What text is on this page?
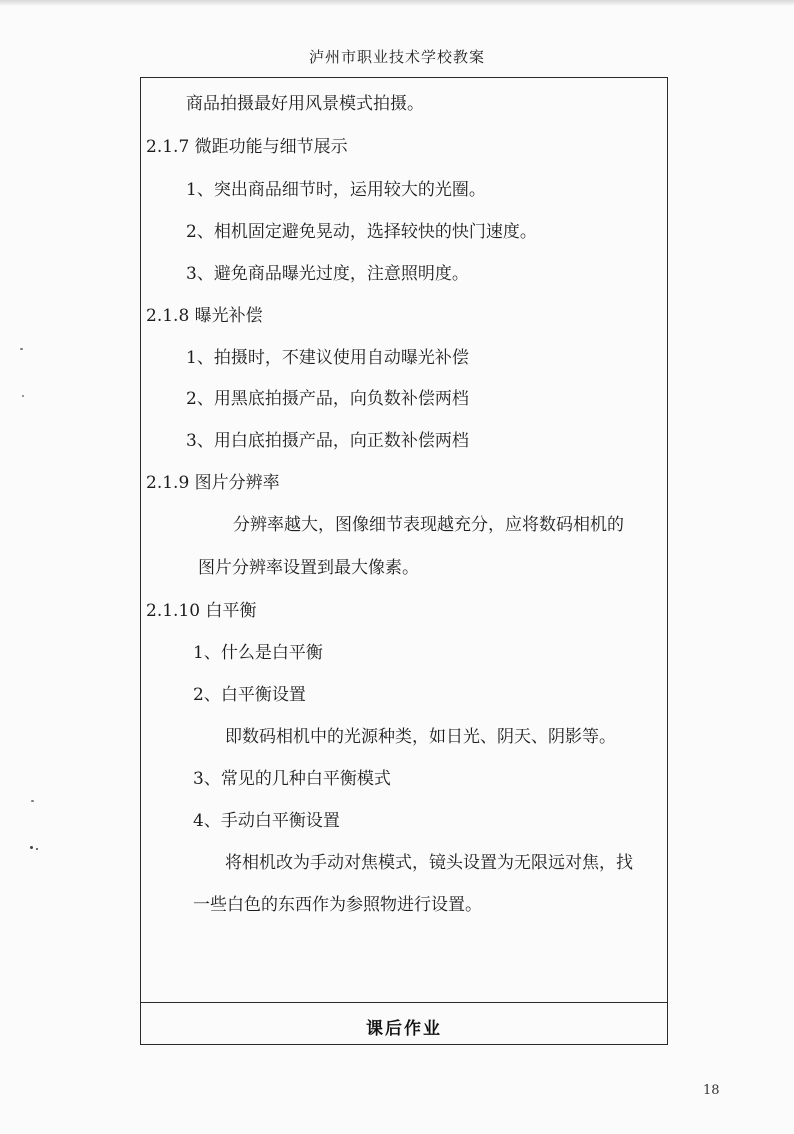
泸州市职业技术学校教案
商品拍摄最好用风景模式拍摄。
2.1.7 微距功能与细节展示
1、突出商品细节时，运用较大的光圈。
2、相机固定避免晃动，选择较快的快门速度。
3、避免商品曝光过度，注意照明度。
2.1.8 曝光补偿
1、拍摄时，不建议使用自动曝光补偿
2、用黑底拍摄产品，向负数补偿两档
3、用白底拍摄产品，向正数补偿两档
2.1.9 图片分辨率
分辨率越大，图像细节表现越充分，应将数码相机的
图片分辨率设置到最大像素。
2.1.10 白平衡
1、什么是白平衡
2、白平衡设置
即数码相机中的光源种类，如日光、阴天、阴影等。
3、常见的几种白平衡模式
4、手动白平衡设置
将相机改为手动对焦模式，镜头设置为无限远对焦，找
一些白色的东西作为参照物进行设置。
课后作业
18
